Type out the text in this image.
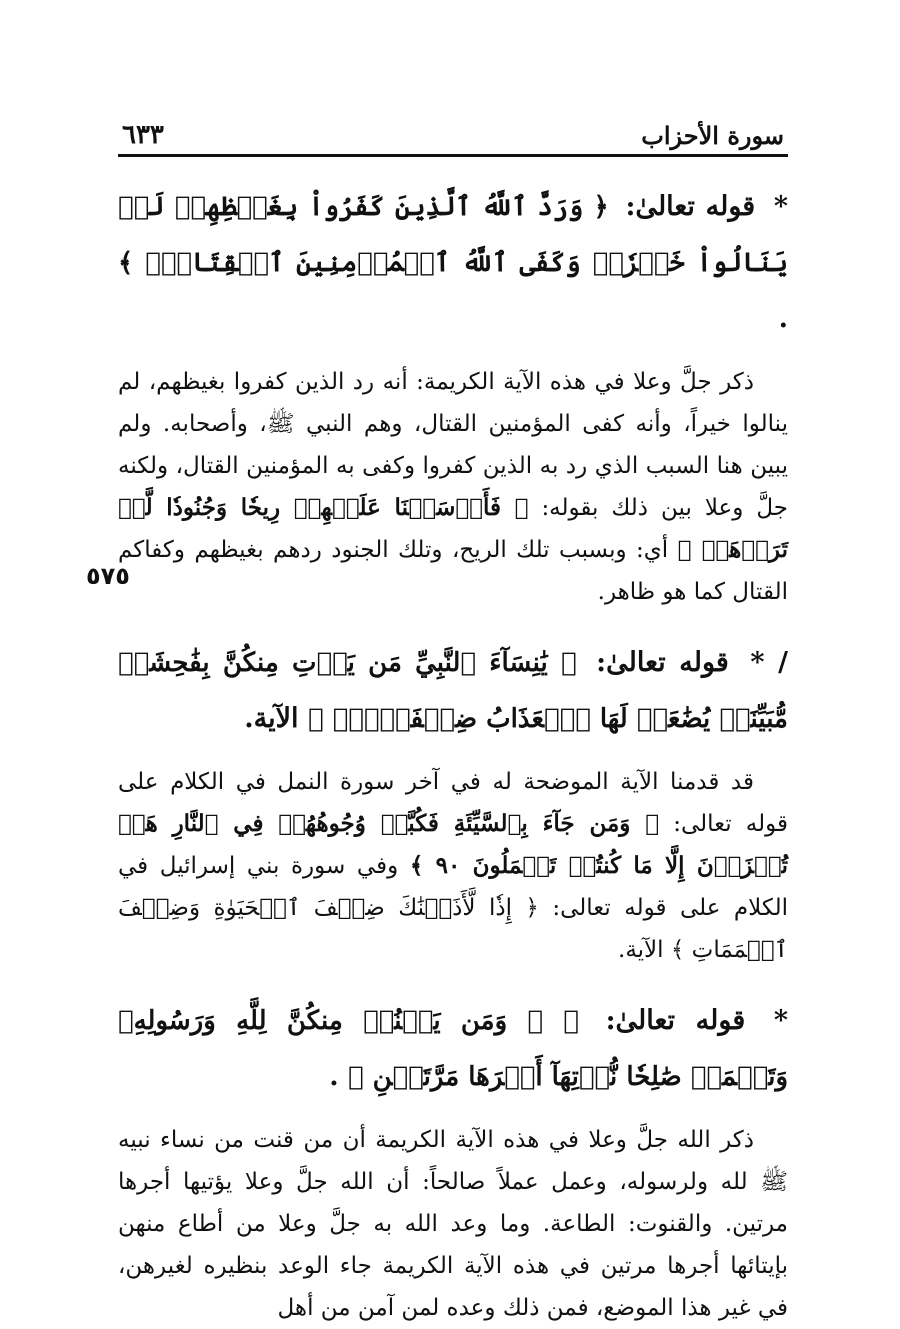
٥٧٥
سورة الأحزاب
٦٣٣
* قوله تعالىٰ: ﴿ وَرَدَّ ٱللَّهُ ٱلَّذِينَ كَفَرُواْ بِغَيۡظِهِمۡ لَمۡ يَنَالُواْ خَيۡرٗاۚ وَكَفَى ٱللَّهُ ٱلۡمُؤۡمِنِينَ ٱلۡقِتَالَۚ ﴾ .
ذكر جلَّ وعلا في هذه الآية الكريمة: أنه رد الذين كفروا بغيظهم، لم ينالوا خيراً، وأنه كفى المؤمنين القتال، وهم النبي ﷺ، وأصحابه. ولم يبين هنا السبب الذي رد به الذين كفروا وكفى به المؤمنين القتال، ولكنه جلَّ وعلا بين ذلك بقوله: ﴿ فَأَرۡسَلۡنَا عَلَيۡهِمۡ رِيحٗا وَجُنُودٗا لَّمۡ تَرَوۡهَاۚ ﴾ أي: وبسبب تلك الريح، وتلك الجنود ردهم بغيظهم وكفاكم القتال كما هو ظاهر.
/ * قوله تعالىٰ: ﴿ يَٰنِسَآءَ ٱلنَّبِيِّ مَن يَأۡتِ مِنكُنَّ بِفَٰحِشَةٖ مُّبَيِّنَةٖ يُضَٰعَفۡ لَهَا ٱلۡعَذَابُ ضِعۡفَيۡنِۚ ﴾ الآية.
قد قدمنا الآية الموضحة له في آخر سورة النمل في الكلام على قوله تعالى: ﴿ وَمَن جَآءَ بِٱلسَّيِّئَةِ فَكُبَّتۡ وُجُوهُهُمۡ فِي ٱلنَّارِ هَلۡ تُجۡزَوۡنَ إِلَّا مَا كُنتُمۡ تَعۡمَلُونَ ٩٠ ﴾ وفي سورة بني إسرائيل في الكلام على قوله تعالى: ﴿ إِذٗا لَّأَذَقۡنَٰكَ ضِعۡفَ ٱلۡحَيَوٰةِ وَضِعۡفَ ٱلۡمَمَاتِ ﴾ الآية.
* قوله تعالىٰ: ﴿ ۞ وَمَن يَقۡنُتۡ مِنكُنَّ لِلَّهِ وَرَسُولِهِۦ وَتَعۡمَلۡ صَٰلِحٗا نُّؤۡتِهَآ أَجۡرَهَا مَرَّتَيۡنِ ﴾ .
ذكر الله جلَّ وعلا في هذه الآية الكريمة أن من قنت من نساء نبيه ﷺ لله ولرسوله، وعمل عملاً صالحاً: أن الله جلَّ وعلا يؤتيها أجرها مرتين. والقنوت: الطاعة. وما وعد الله به جلَّ وعلا من أطاع منهن بإيتائها أجرها مرتين في هذه الآية الكريمة جاء الوعد بنظيره لغيرهن، في غير هذا الموضع، فمن ذلك وعده لمن آمن من أهل
